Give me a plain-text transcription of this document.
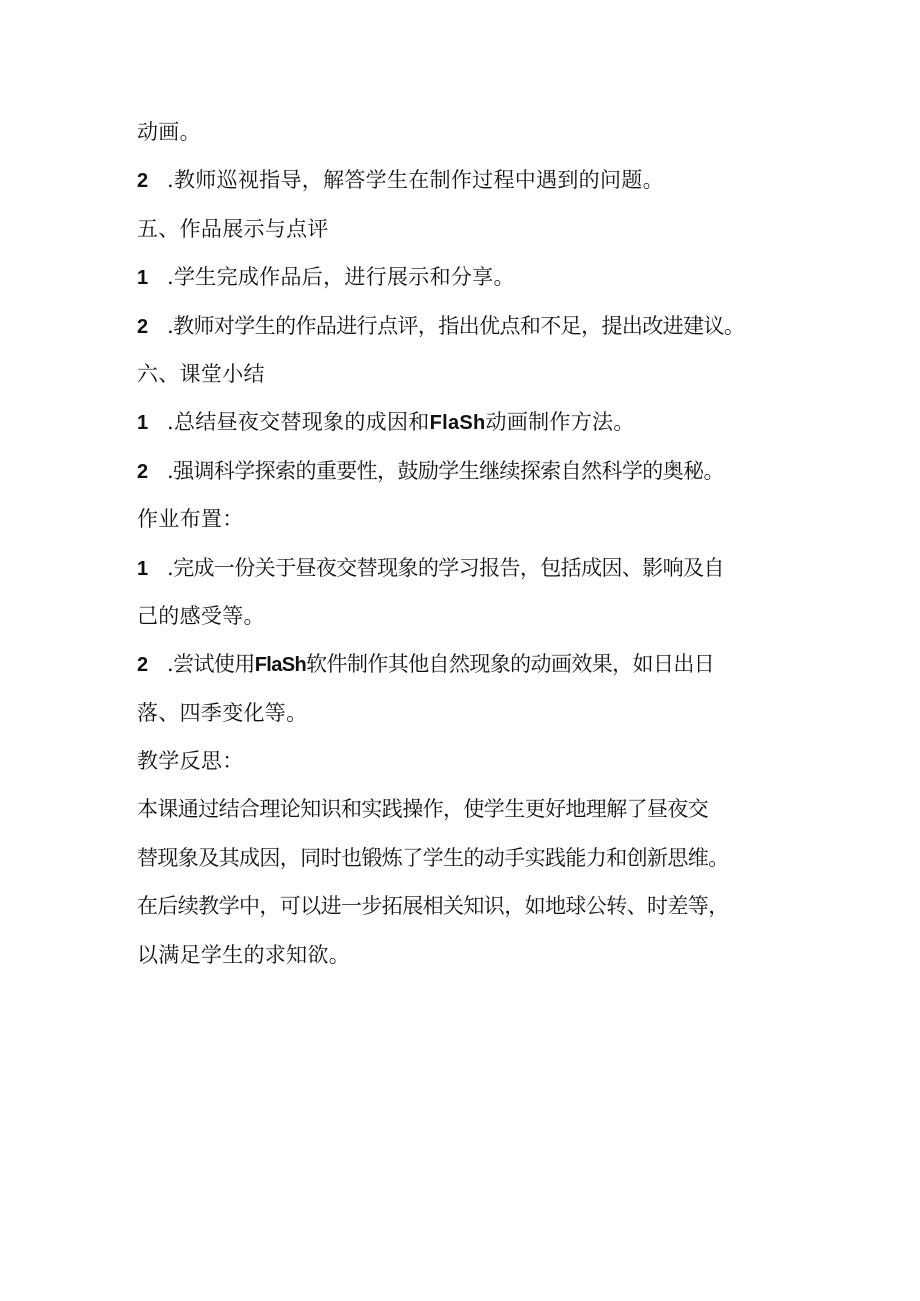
动画。
2 .教师巡视指导，解答学生在制作过程中遇到的问题。
五、作品展示与点评
1 .学生完成作品后，进行展示和分享。
2 .教师对学生的作品进行点评，指出优点和不足，提出改进建议。
六、课堂小结
1 .总结昼夜交替现象的成因和FlaSh动画制作方法。
2 .强调科学探索的重要性，鼓励学生继续探索自然科学的奥秘。
作业布置：
1 .完成一份关于昼夜交替现象的学习报告，包括成因、影响及自
己的感受等。
2 .尝试使用FlaSh软件制作其他自然现象的动画效果，如日出日
落、四季变化等。
教学反思：
本课通过结合理论知识和实践操作，使学生更好地理解了昼夜交
替现象及其成因，同时也锻炼了学生的动手实践能力和创新思维。
在后续教学中，可以进一步拓展相关知识，如地球公转、时差等，
以满足学生的求知欲。
